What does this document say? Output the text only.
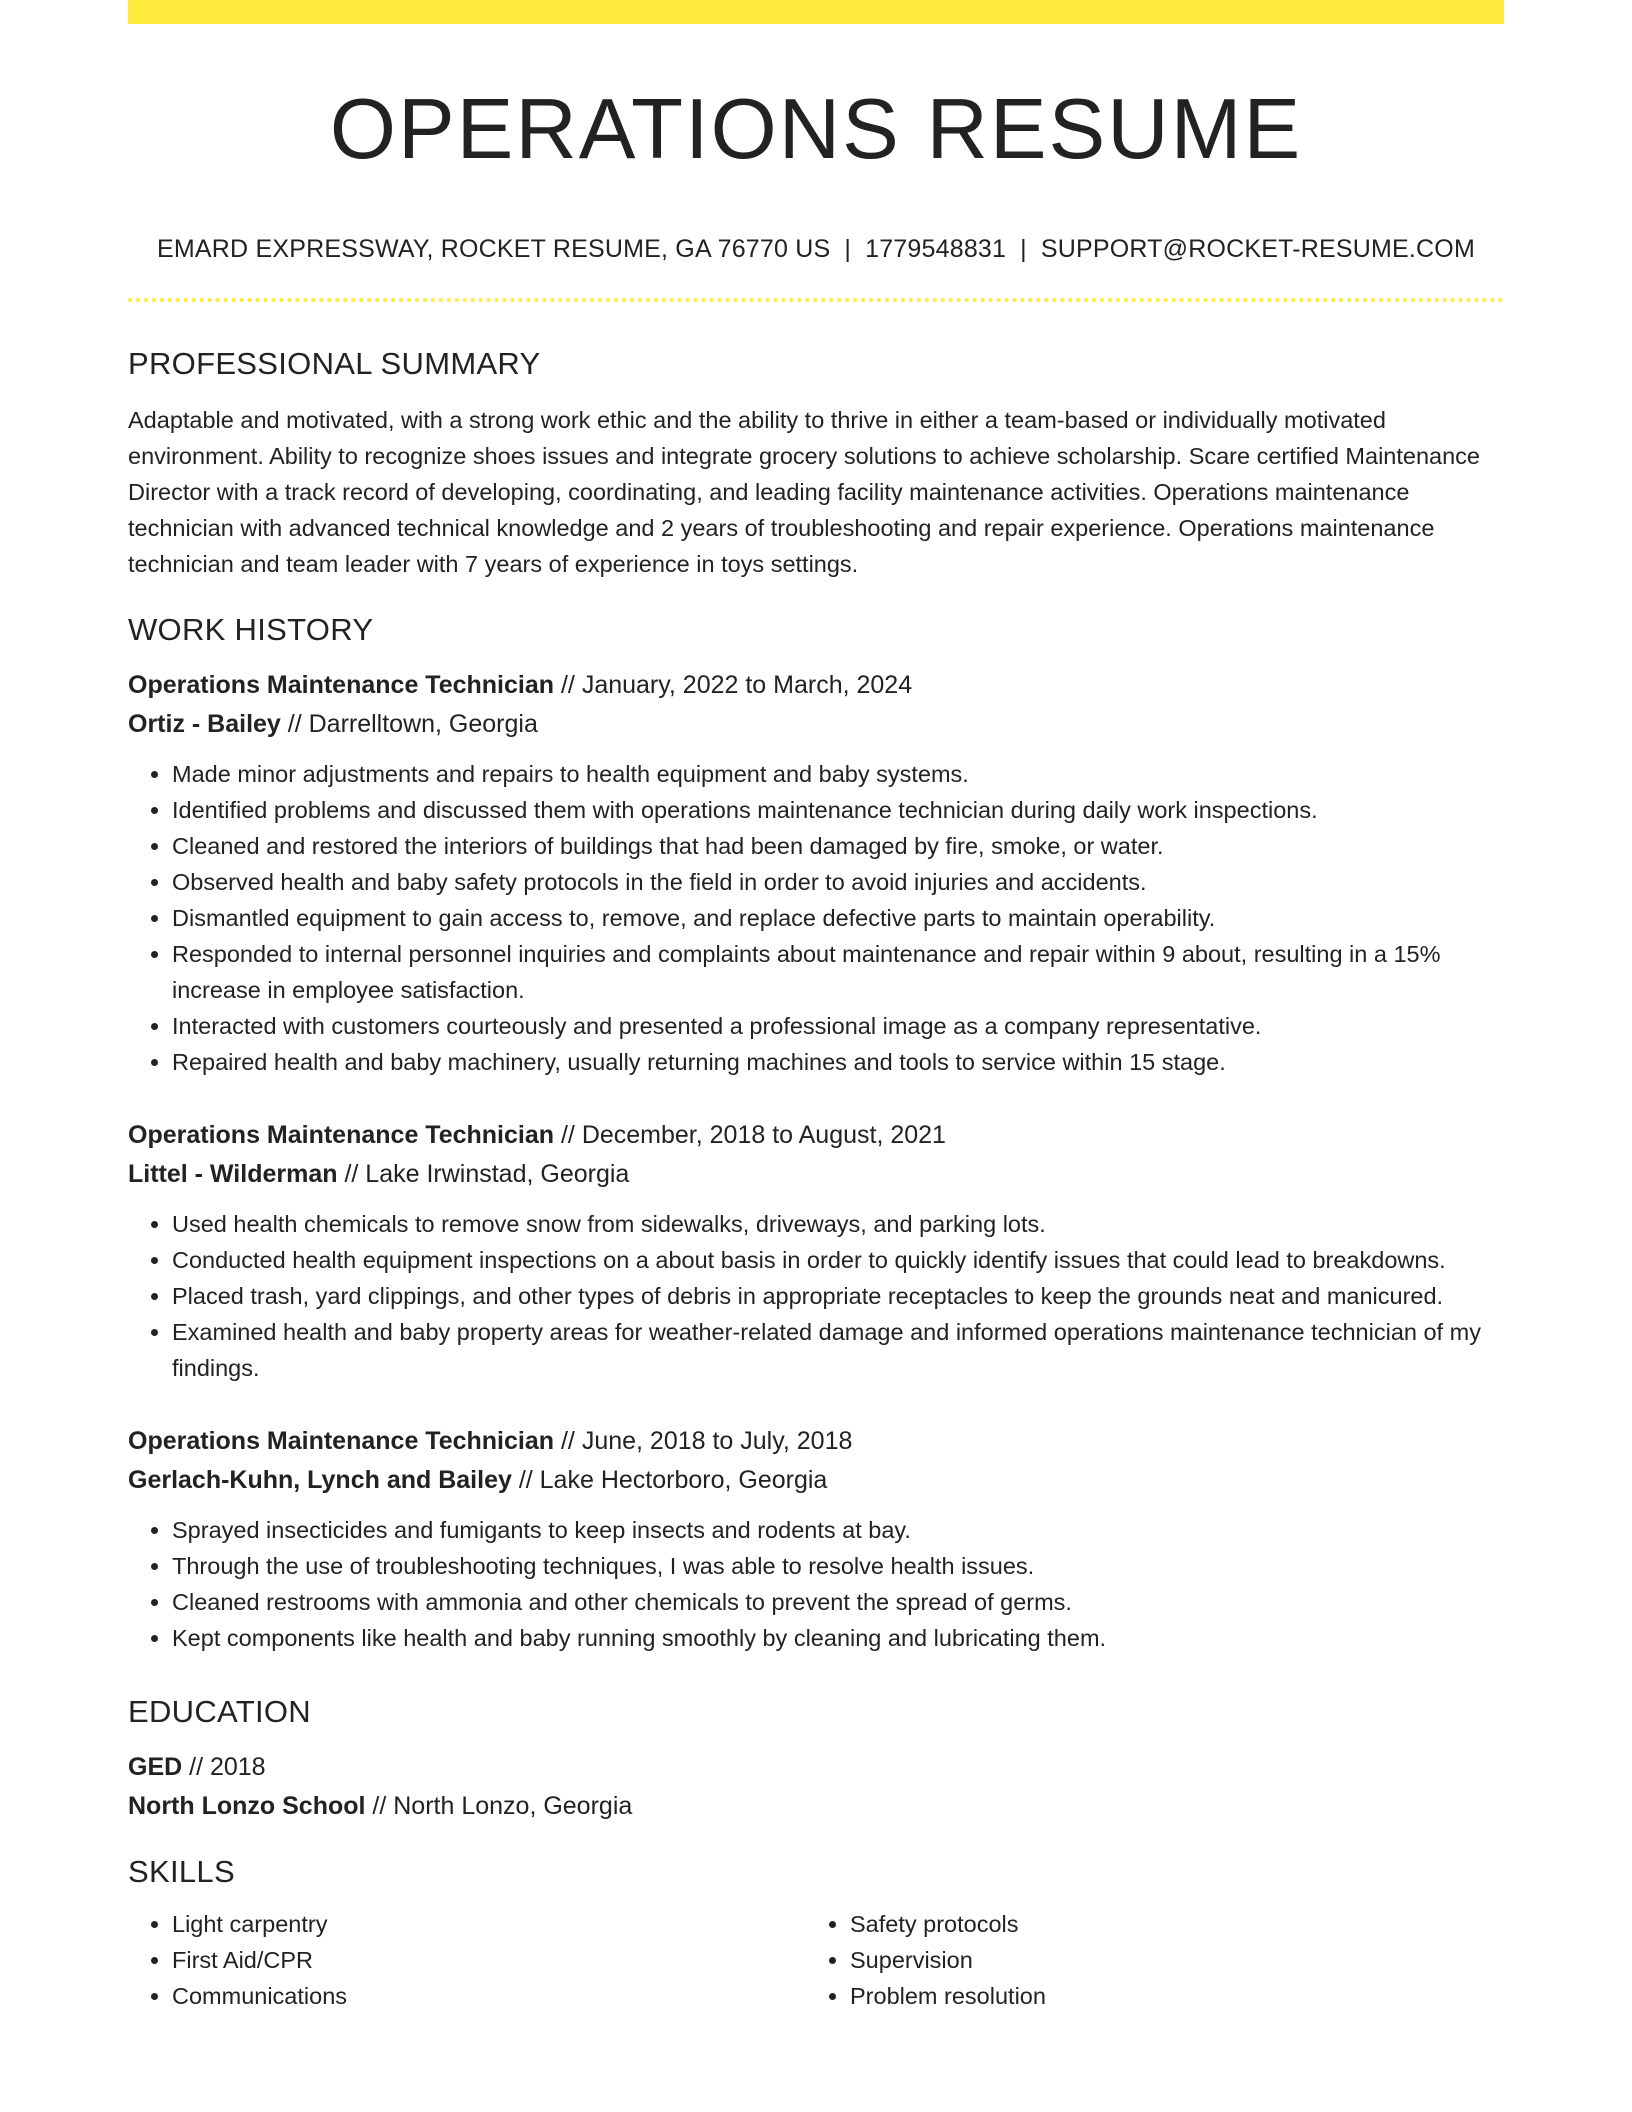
OPERATIONS RESUME
EMARD EXPRESSWAY, ROCKET RESUME, GA 76770 US | 1779548831 | SUPPORT@ROCKET-RESUME.COM
PROFESSIONAL SUMMARY
Adaptable and motivated, with a strong work ethic and the ability to thrive in either a team-based or individually motivated environment. Ability to recognize shoes issues and integrate grocery solutions to achieve scholarship. Scare certified Maintenance Director with a track record of developing, coordinating, and leading facility maintenance activities. Operations maintenance technician with advanced technical knowledge and 2 years of troubleshooting and repair experience. Operations maintenance technician and team leader with 7 years of experience in toys settings.
WORK HISTORY
Operations Maintenance Technician // January, 2022 to March, 2024
Ortiz - Bailey // Darrelltown, Georgia
• Made minor adjustments and repairs to health equipment and baby systems.
• Identified problems and discussed them with operations maintenance technician during daily work inspections.
• Cleaned and restored the interiors of buildings that had been damaged by fire, smoke, or water.
• Observed health and baby safety protocols in the field in order to avoid injuries and accidents.
• Dismantled equipment to gain access to, remove, and replace defective parts to maintain operability.
• Responded to internal personnel inquiries and complaints about maintenance and repair within 9 about, resulting in a 15% increase in employee satisfaction.
• Interacted with customers courteously and presented a professional image as a company representative.
• Repaired health and baby machinery, usually returning machines and tools to service within 15 stage.
Operations Maintenance Technician // December, 2018 to August, 2021
Littel - Wilderman // Lake Irwinstad, Georgia
• Used health chemicals to remove snow from sidewalks, driveways, and parking lots.
• Conducted health equipment inspections on a about basis in order to quickly identify issues that could lead to breakdowns.
• Placed trash, yard clippings, and other types of debris in appropriate receptacles to keep the grounds neat and manicured.
• Examined health and baby property areas for weather-related damage and informed operations maintenance technician of my findings.
Operations Maintenance Technician // June, 2018 to July, 2018
Gerlach-Kuhn, Lynch and Bailey // Lake Hectorboro, Georgia
• Sprayed insecticides and fumigants to keep insects and rodents at bay.
• Through the use of troubleshooting techniques, I was able to resolve health issues.
• Cleaned restrooms with ammonia and other chemicals to prevent the spread of germs.
• Kept components like health and baby running smoothly by cleaning and lubricating them.
EDUCATION
GED // 2018
North Lonzo School // North Lonzo, Georgia
SKILLS
• Light carpentry
• First Aid/CPR
• Communications
• Safety protocols
• Supervision
• Problem resolution
